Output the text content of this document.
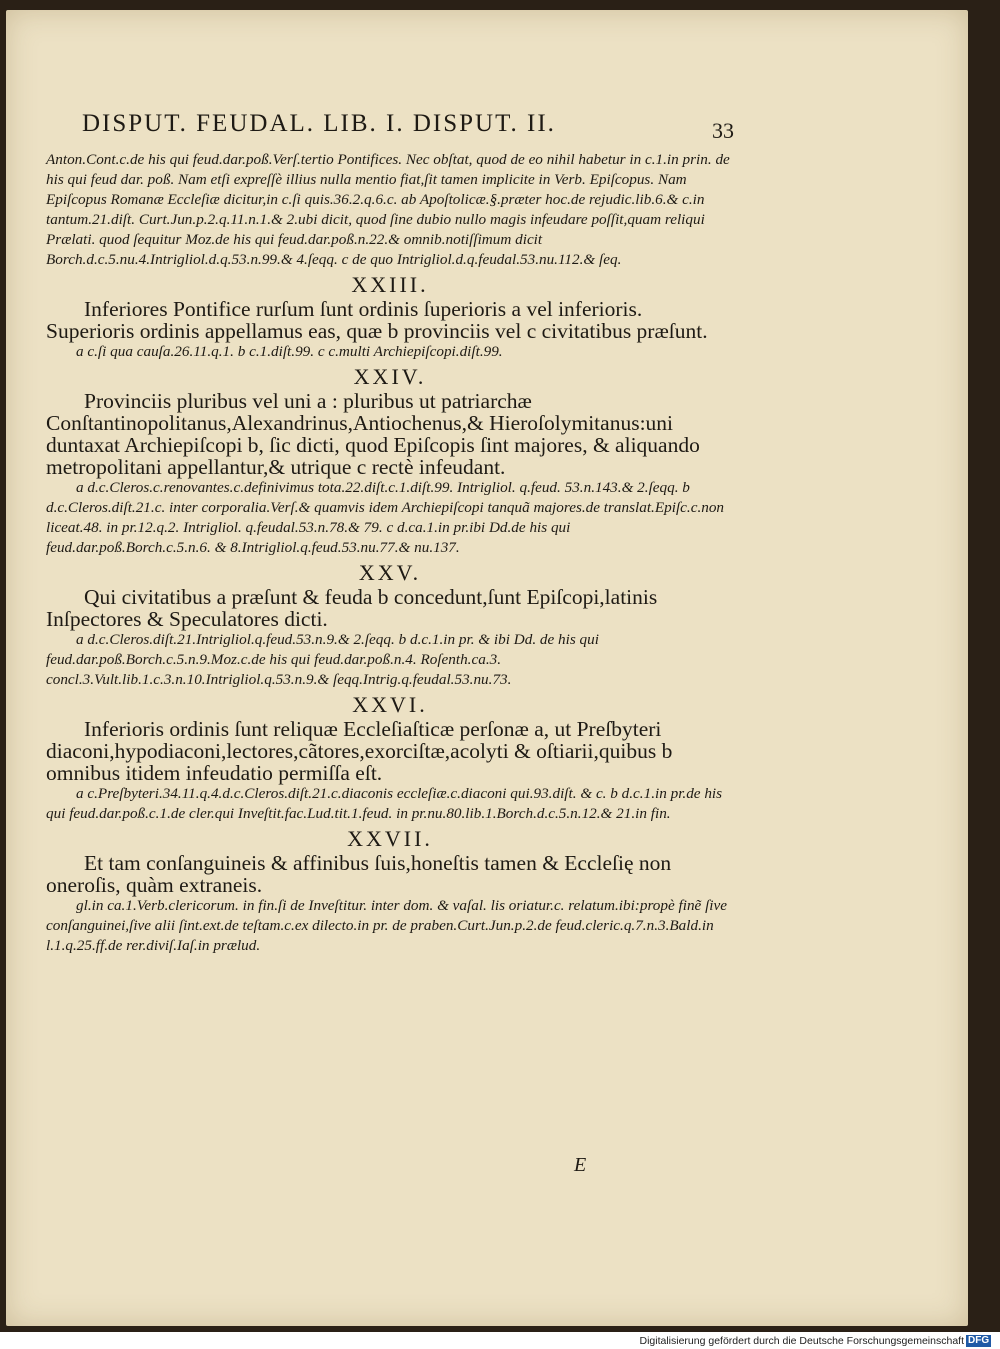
DISPUT. FEUDAL. LIB. I. DISPUT. II.	33

Anton.Cont.c.de his qui feud.dar.poß.Verſ.tertio Pontifices. Nec obſtat, quod de eo nihil habetur in c.1.in prin. de his qui feud dar. poß. Nam etſi expreſſè illius nulla mentio fiat,ſit tamen implicite in Verb. Epiſcopus. Nam Epiſcopus Romanæ Eccleſiæ dicitur,in c.ſi quis.36.2.q.6.c. ab Apoſtolicæ.§.præter hoc.de rejudic.lib.6.& c.in tantum.21.diſt. Curt.Jun.p.2.q.11.n.1.& 2.ubi dicit, quod ſine dubio nullo magis infeudare poſſit,quam reliqui Prælati. quod ſequitur Moz.de his qui feud.dar.poß.n.22.& omnib.notiſſimum dicit Borch.d.c.5.nu.4.Intrigliol.d.q.53.n.99.& 4.ſeqq. c de quo Intrigliol.d.q.feudal.53.nu.112.& ſeq.

XXIII.

Inferiores Pontifice rurſum ſunt ordinis ſuperioris a vel inferioris. Superioris ordinis appellamus eas, quæ b provinciis vel c civitatibus præſunt.

a c.ſi qua cauſa.26.11.q.1. b c.1.diſt.99. c c.multi Archiepiſcopi.diſt.99.

XXIV.

Provinciis pluribus vel uni a : pluribus ut patriarchæ Conſtantinopolitanus,Alexandrinus,Antiochenus,& Hieroſolymitanus:uni duntaxat Archiepiſcopi b, ſic dicti, quod Epiſcopis ſint majores, & aliquando metropolitani appellantur,& utrique c rectè infeudant.

a d.c.Cleros.c.renovantes.c.definivimus tota.22.diſt.c.1.diſt.99. Intrigliol. q.feud. 53.n.143.& 2.ſeqq. b d.c.Cleros.diſt.21.c. inter corporalia.Verſ.& quamvis idem Archiepiſcopi tanquã majores.de translat.Epiſc.c.non liceat.48. in pr.12.q.2. Intrigliol. q.feudal.53.n.78.& 79. c d.ca.1.in pr.ibi Dd.de his qui feud.dar.poß.Borch.c.5.n.6. & 8.Intrigliol.q.feud.53.nu.77.& nu.137.

XXV.

Qui civitatibus a præſunt & feuda b concedunt,ſunt Epiſcopi,latinis Inſpectores & Speculatores dicti.

a d.c.Cleros.diſt.21.Intrigliol.q.feud.53.n.9.& 2.ſeqq. b d.c.1.in pr. & ibi Dd. de his qui feud.dar.poß.Borch.c.5.n.9.Moz.c.de his qui feud.dar.poß.n.4. Roſenth.ca.3. concl.3.Vult.lib.1.c.3.n.10.Intrigliol.q.53.n.9.& ſeqq.Intrig.q.feudal.53.nu.73.

XXVI.

Inferioris ordinis ſunt reliquæ Eccleſiaſticæ perſonæ a, ut Preſbyteri diaconi,hypodiaconi,lectores,cãtores,exorciſtæ,acolyti & oſtiarii,quibus b omnibus itidem infeudatio permiſſa eſt.

a c.Preſbyteri.34.11.q.4.d.c.Cleros.diſt.21.c.diaconis eccleſiæ.c.diaconi qui.93.diſt. & c. b d.c.1.in pr.de his qui feud.dar.poß.c.1.de cler.qui Inveſtit.fac.Lud.tit.1.feud. in pr.nu.80.lib.1.Borch.d.c.5.n.12.& 21.in fin.

XXVII.

Et tam conſanguineis & affinibus ſuis,honeſtis tamen & Eccleſię non oneroſis, quàm extraneis.

gl.in ca.1.Verb.clericorum. in fin.ſi de Inveſtitur. inter dom. & vaſal. lis oriatur.c. relatum.ibi:propè finẽ ſive conſanguinei,ſive alii ſint.ext.de teſtam.c.ex dilecto.in pr. de praben.Curt.Jun.p.2.de feud.cleric.q.7.n.3.Bald.in l.1.q.25.ff.de rer.diviſ.Iaſ.in prælud.

E
Digitalisierung gefördert durch die Deutsche Forschungsgemeinschaft DFG
